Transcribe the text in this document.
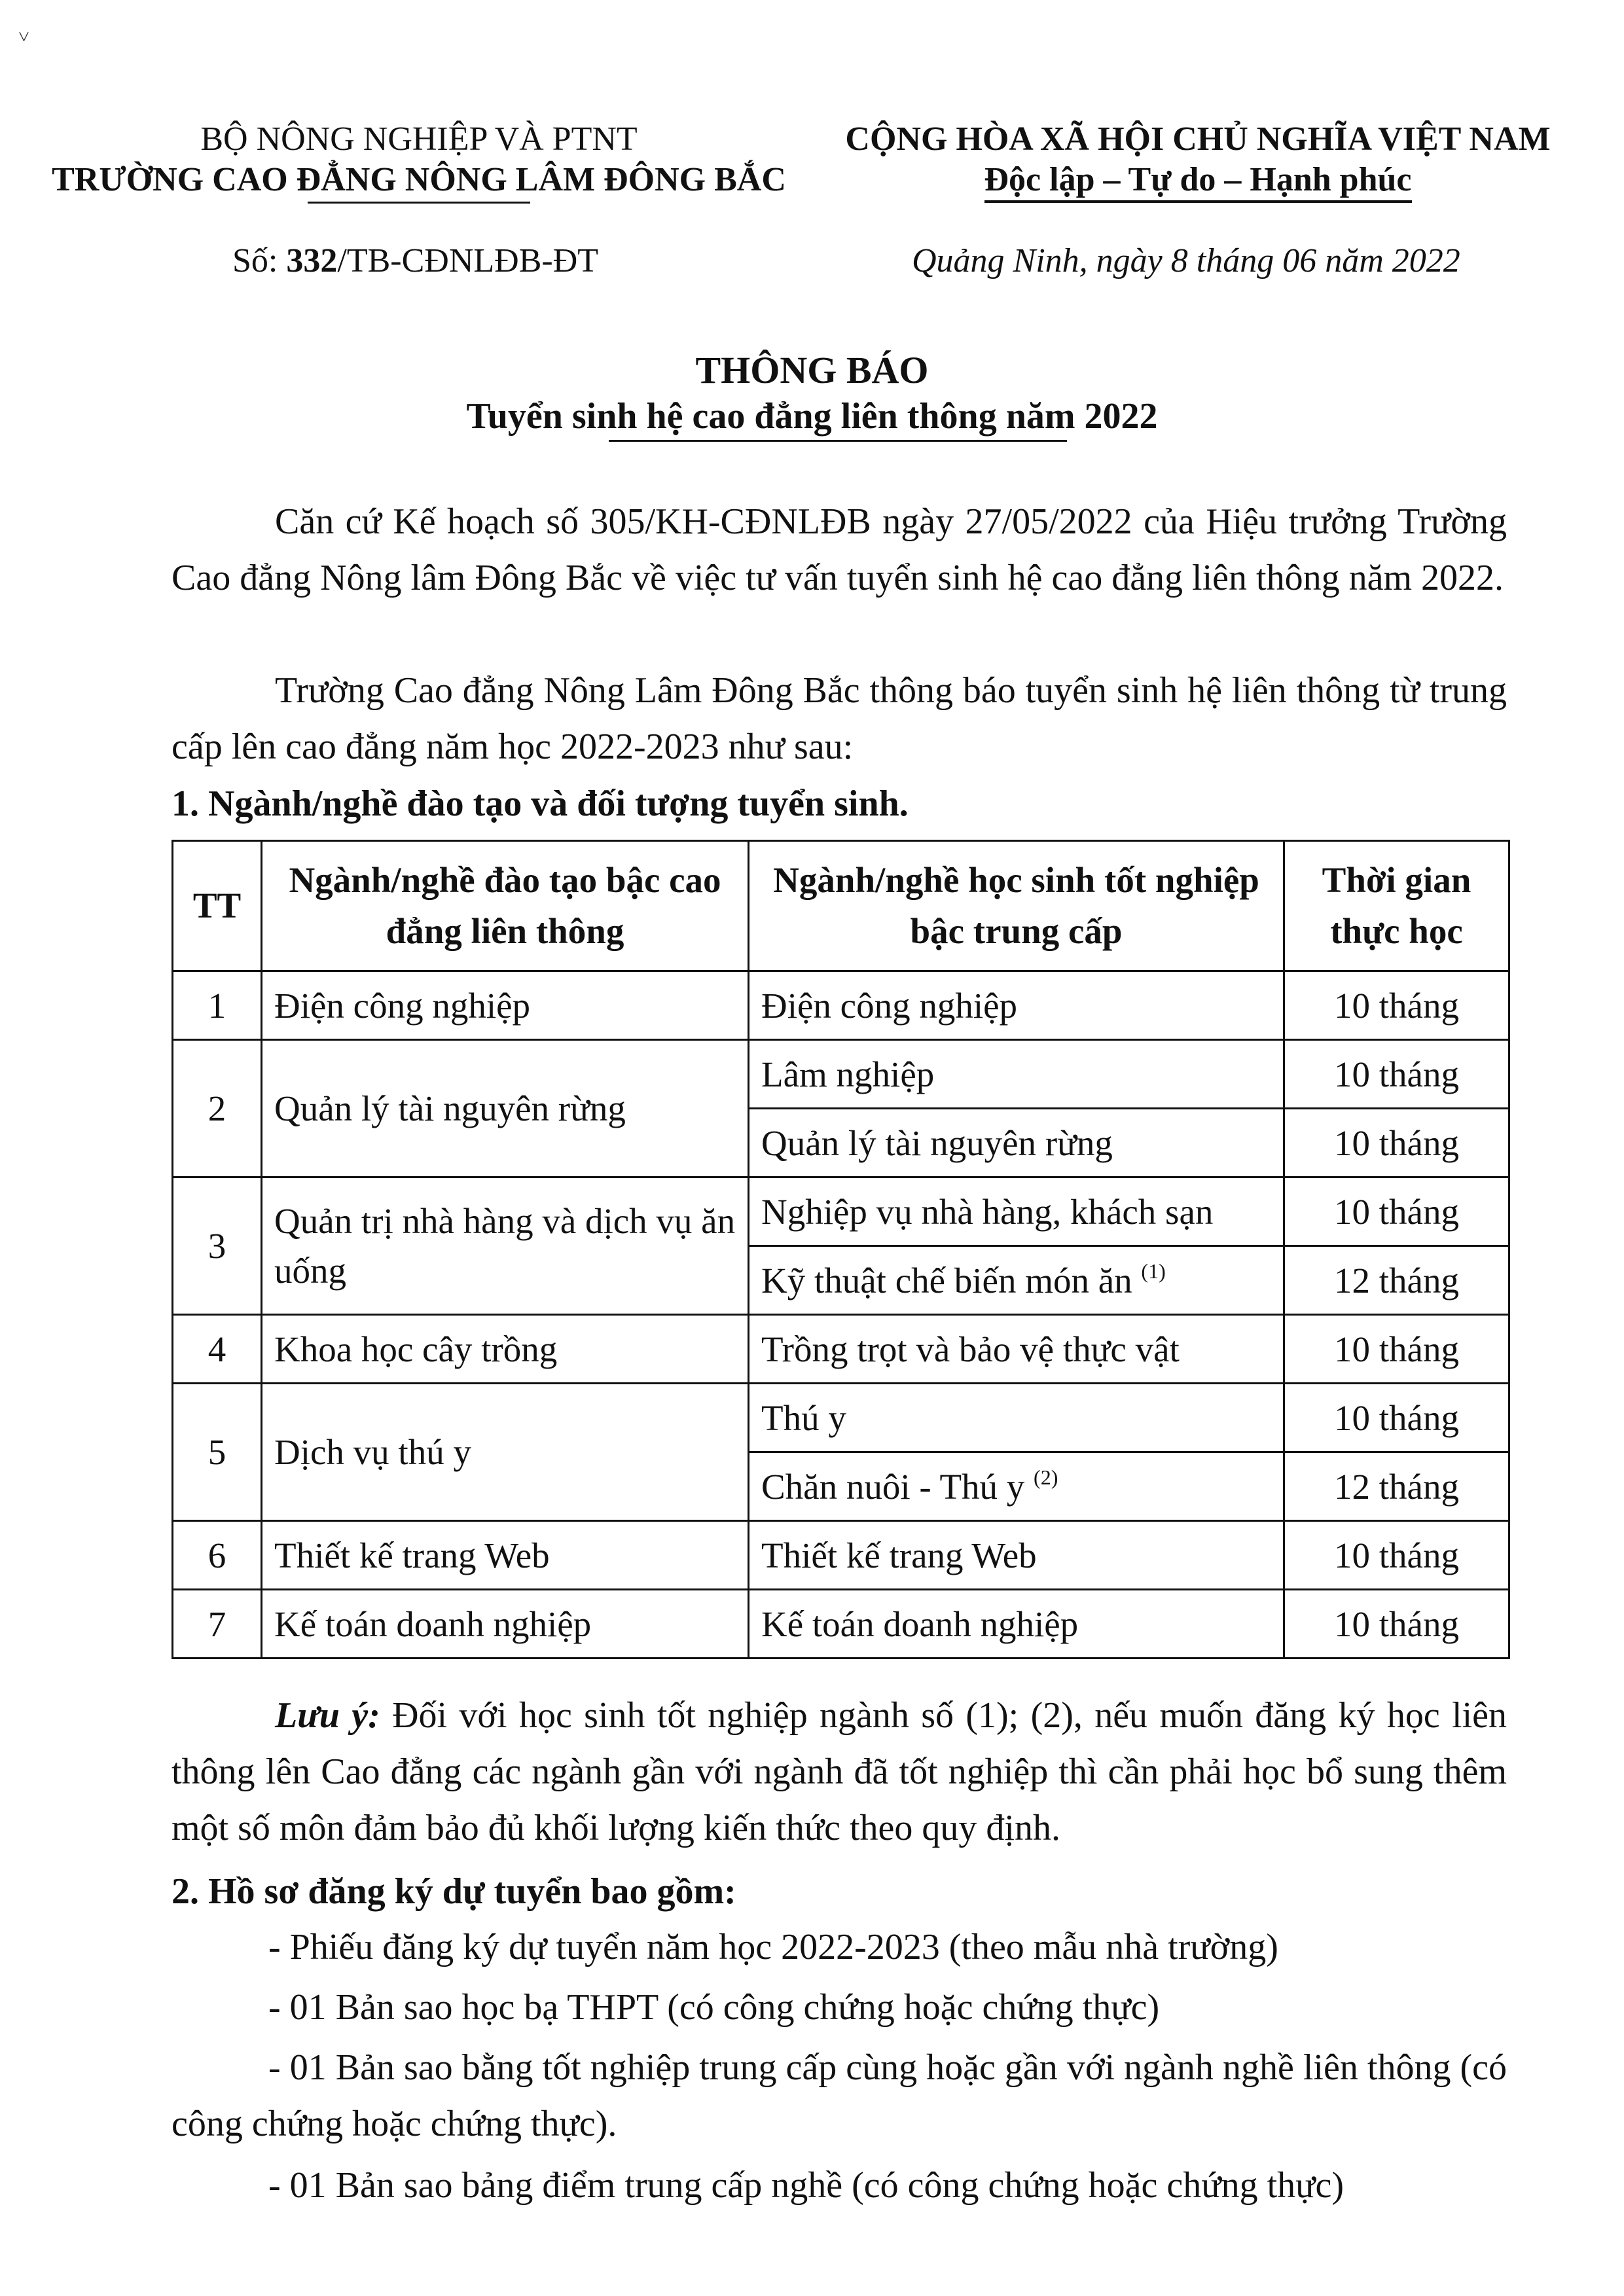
˅
BỘ NÔNG NGHIỆP VÀ PTNT
TRƯỜNG CAO ĐẲNG NÔNG LÂM ĐÔNG BẮC
CỘNG HÒA XÃ HỘI CHỦ NGHĨA VIỆT NAM
Độc lập – Tự do – Hạnh phúc
Số: 332/TB-CĐNLĐB-ĐT	Quảng Ninh, ngày 8 tháng 06 năm 2022
THÔNG BÁO
Tuyển sinh hệ cao đẳng liên thông năm 2022
Căn cứ Kế hoạch số 305/KH-CĐNLĐB ngày 27/05/2022 của Hiệu trưởng Trường Cao đẳng Nông lâm Đông Bắc về việc tư vấn tuyển sinh hệ cao đẳng liên thông năm 2022.
Trường Cao đẳng Nông Lâm Đông Bắc thông báo tuyển sinh hệ liên thông từ trung cấp lên cao đẳng năm học 2022-2023 như sau:
1. Ngành/nghề đào tạo và đối tượng tuyển sinh.
TT	Ngành/nghề đào tạo bậc cao đẳng liên thông	Ngành/nghề học sinh tốt nghiệp bậc trung cấp	Thời gian thực học
1	Điện công nghiệp	Điện công nghiệp	10 tháng
2	Quản lý tài nguyên rừng	Lâm nghiệp	10 tháng
		Quản lý tài nguyên rừng	10 tháng
3	Quản trị nhà hàng và dịch vụ ăn uống	Nghiệp vụ nhà hàng, khách sạn	10 tháng
		Kỹ thuật chế biến món ăn $^{(1)}$	12 tháng
4	Khoa học cây trồng	Trồng trọt và bảo vệ thực vật	10 tháng
5	Dịch vụ thú y	Thú y	10 tháng
		Chăn nuôi - Thú y $^{(2)}$	12 tháng
6	Thiết kế trang Web	Thiết kế trang Web	10 tháng
7	Kế toán doanh nghiệp	Kế toán doanh nghiệp	10 tháng
Lưu ý: Đối với học sinh tốt nghiệp ngành số (1); (2), nếu muốn đăng ký học liên thông lên Cao đẳng các ngành gần với ngành đã tốt nghiệp thì cần phải học bổ sung thêm một số môn đảm bảo đủ khối lượng kiến thức theo quy định.
2. Hồ sơ đăng ký dự tuyển bao gồm:
- Phiếu đăng ký dự tuyển năm học 2022-2023 (theo mẫu nhà trường)
- 01 Bản sao học bạ THPT (có công chứng hoặc chứng thực)
- 01 Bản sao bằng tốt nghiệp trung cấp cùng hoặc gần với ngành nghề liên thông (có công chứng hoặc chứng thực).
- 01 Bản sao bảng điểm trung cấp nghề (có công chứng hoặc chứng thực)
